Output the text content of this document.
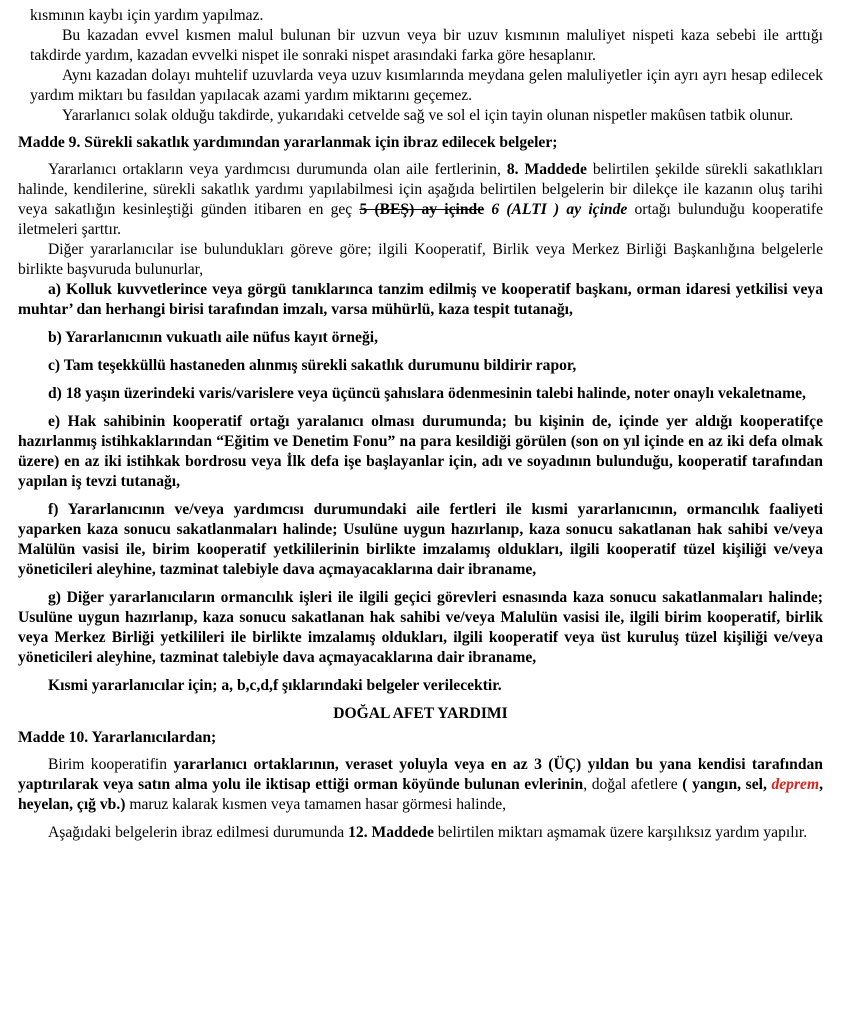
kısmının kaybı için yardım yapılmaz.

Bu kazadan evvel kısmen malul bulunan bir uzvun veya bir uzuv kısmının maluliyet nispeti kaza sebebi ile arttığı takdirde yardım, kazadan evvelki nispet ile sonraki nispet arasındaki farka göre hesaplanır.

Aynı kazadan dolayı muhtelif uzuvlarda veya uzuv kısımlarında meydana gelen maluliyetler için ayrı ayrı hesap edilecek yardım miktarı bu fasıldan yapılacak azami yardım miktarını geçemez.

Yararlanıcı solak olduğu takdirde, yukarıdaki cetvelde sağ ve sol el için tayin olunan nispetler makûsen tatbik olunur.

Madde 9. Sürekli sakatlık yardımından yararlanmak için ibraz edilecek belgeler;

Yararlanıcı ortakların veya yardımcısı durumunda olan aile fertlerinin, 8. Maddede belirtilen şekilde sürekli sakatlıkları halinde, kendilerine, sürekli sakatlık yardımı yapılabilmesi için aşağıda belirtilen belgelerin bir dilekçe ile kazanın oluş tarihi veya sakatlığın kesinleştiği günden itibaren en geç 5 (BEŞ) ay içinde 6 (ALTI ) ay içinde ortağı bulunduğu kooperatife iletmeleri şarttır.

Diğer yararlanıcılar ise bulundukları göreve göre; ilgili Kooperatif, Birlik veya Merkez Birliği Başkanlığına belgelerle birlikte başvuruda bulunurlar,

a) Kolluk kuvvetlerince veya görgü tanıklarınca tanzim edilmiş ve kooperatif başkanı, orman idaresi yetkilisi veya muhtar’ dan herhangi birisi tarafından imzalı, varsa mühürlü, kaza tespit tutanağı,

b) Yararlanıcının vukuatlı aile nüfus kayıt örneği,

c) Tam teşekküllü hastaneden alınmış sürekli sakatlık durumunu bildirir rapor,

d) 18 yaşın üzerindeki varis/varislere veya üçüncü şahıslara ödenmesinin talebi halinde, noter onaylı vekaletname,

e) Hak sahibinin kooperatif ortağı yaralanıcı olması durumunda; bu kişinin de, içinde yer aldığı kooperatifçe hazırlanmış istihkaklarından “Eğitim ve Denetim Fonu” na para kesildiği görülen (son on yıl içinde en az iki defa olmak üzere) en az iki istihkak bordrosu veya İlk defa işe başlayanlar için, adı ve soyadının bulunduğu, kooperatif tarafından yapılan iş tevzi tutanağı,

f) Yararlanıcının ve/veya yardımcısı durumundaki aile fertleri ile kısmi yararlanıcının, ormancılık faaliyeti yaparken kaza sonucu sakatlanmaları halinde; Usulüne uygun hazırlanıp, kaza sonucu sakatlanan hak sahibi ve/veya Malülün vasisi ile, birim kooperatif yetkililerinin birlikte imzalamış oldukları, ilgili kooperatif tüzel kişiliği ve/veya yöneticileri aleyhine, tazminat talebiyle dava açmayacaklarına dair ibraname,

g) Diğer yararlanıcıların ormancılık işleri ile ilgili geçici görevleri esnasında kaza sonucu sakatlanmaları halinde; Usulüne uygun hazırlanıp, kaza sonucu sakatlanan hak sahibi ve/veya Malulün vasisi ile, ilgili birim kooperatif, birlik veya Merkez Birliği yetkilileri ile birlikte imzalamış oldukları, ilgili kooperatif veya üst kuruluş tüzel kişiliği ve/veya yöneticileri aleyhine, tazminat talebiyle dava açmayacaklarına dair ibraname,

Kısmi yararlanıcılar için; a, b,c,d,f şıklarındaki belgeler verilecektir.

DOĞAL AFET YARDIMI

Madde 10. Yararlanıcılardan;

Birim kooperatifin yararlanıcı ortaklarının, veraset yoluyla veya en az 3 (ÜÇ) yıldan bu yana kendisi tarafından yaptırılarak veya satın alma yolu ile iktisap ettiği orman köyünde bulunan evlerinin, doğal afetlere ( yangın, sel, deprem, heyelan, çığ vb.) maruz kalarak kısmen veya tamamen hasar görmesi halinde,

Aşağıdaki belgelerin ibraz edilmesi durumunda 12. Maddede belirtilen miktarı aşmamak üzere karşılıksız yardım yapılır.
